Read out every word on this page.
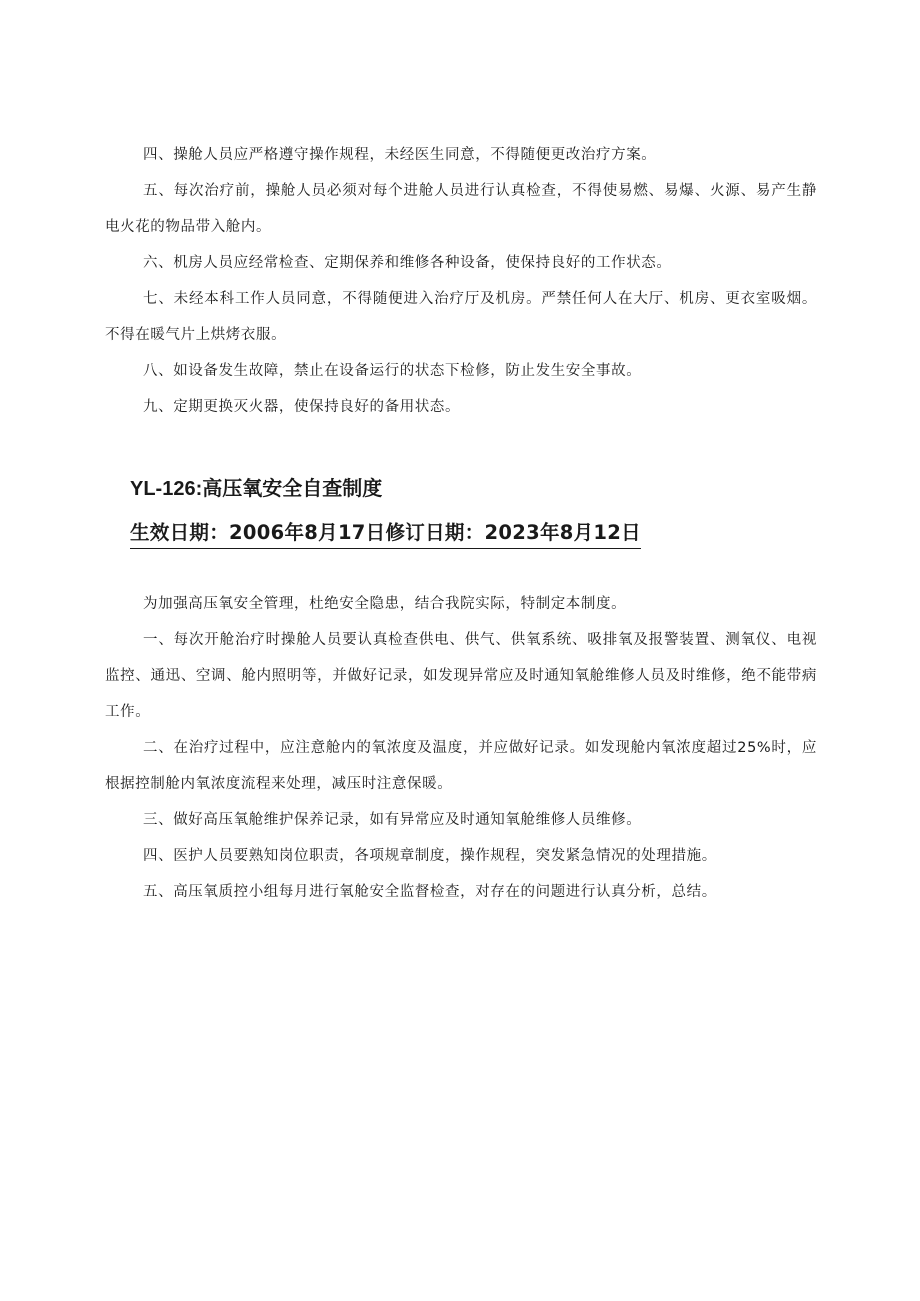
四、操舱人员应严格遵守操作规程，未经医生同意，不得随便更改治疗方案。

五、每次治疗前，操舱人员必须对每个进舱人员进行认真检查，不得使易燃、易爆、火源、易产生静电火花的物品带入舱内。

六、机房人员应经常检查、定期保养和维修各种设备，使保持良好的工作状态。

七、未经本科工作人员同意，不得随便进入治疗厅及机房。严禁任何人在大厅、机房、更衣室吸烟。不得在暖气片上烘烤衣服。

八、如设备发生故障，禁止在设备运行的状态下检修，防止发生安全事故。

九、定期更换灭火器，使保持良好的备用状态。

YL-126:高压氧安全自查制度
生效日期：2006年8月17日修订日期：2023年8月12日

为加强高压氧安全管理，杜绝安全隐患，结合我院实际，特制定本制度。

一、每次开舱治疗时操舱人员要认真检查供电、供气、供氧系统、吸排氧及报警装置、测氧仪、电视监控、通迅、空调、舱内照明等，并做好记录，如发现异常应及时通知氧舱维修人员及时维修，绝不能带病工作。

二、在治疗过程中，应注意舱内的氧浓度及温度，并应做好记录。如发现舱内氧浓度超过25%时，应根据控制舱内氧浓度流程来处理，减压时注意保暖。

三、做好高压氧舱维护保养记录，如有异常应及时通知氧舱维修人员维修。

四、医护人员要熟知岗位职责，各项规章制度，操作规程，突发紧急情况的处理措施。

五、高压氧质控小组每月进行氧舱安全监督检查，对存在的问题进行认真分析，总结。
